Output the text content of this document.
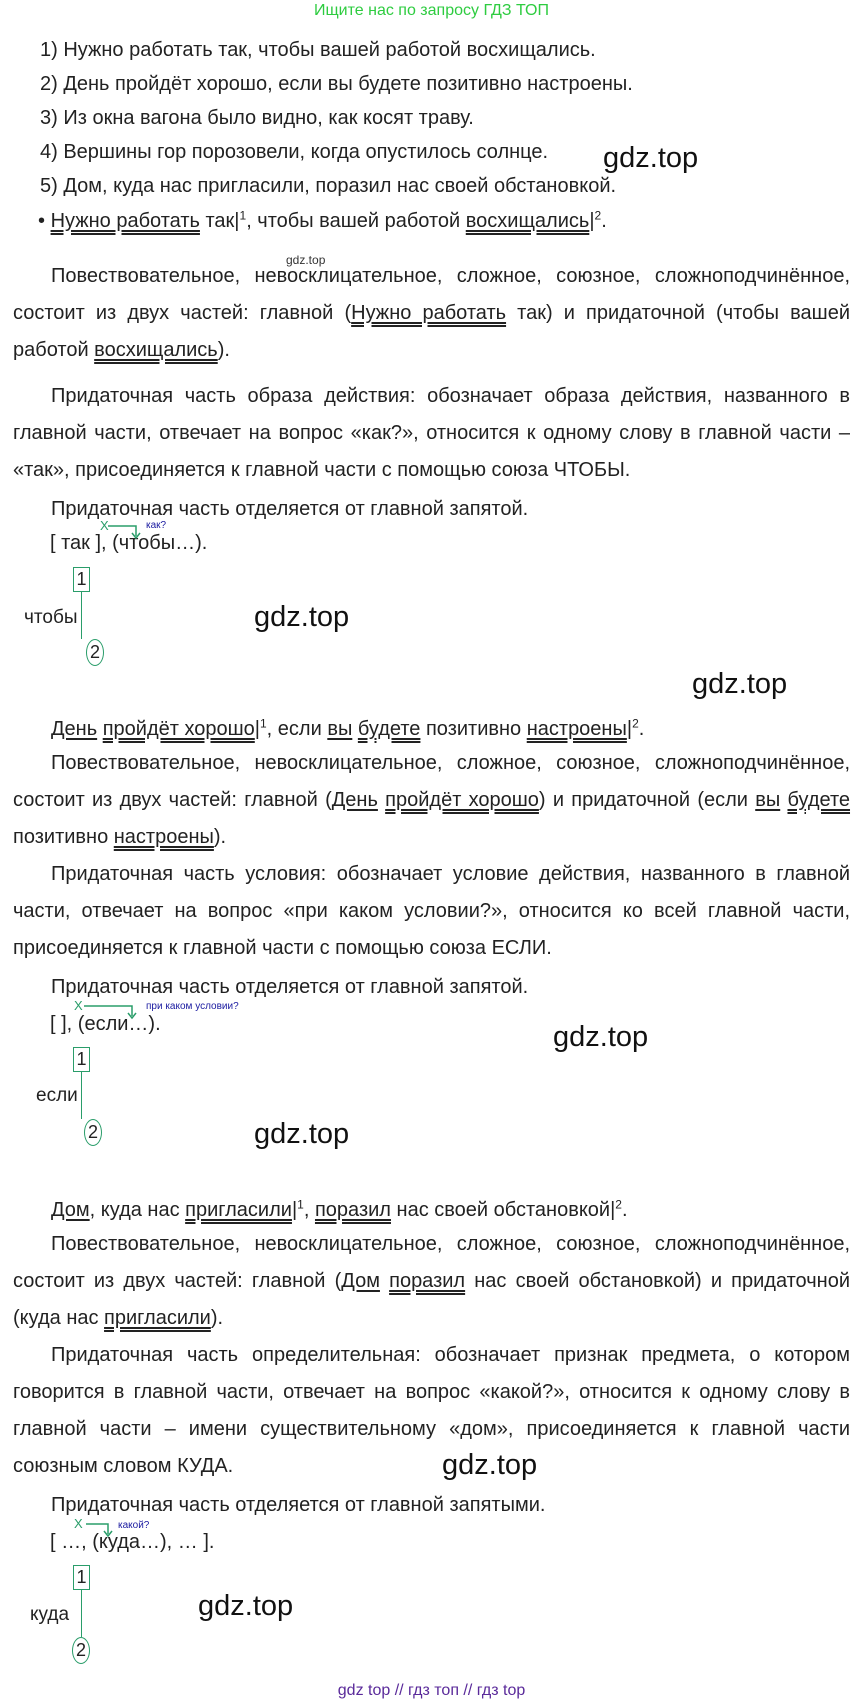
Ищите нас по запросу ГДЗ ТОП
1) Нужно работать так, чтобы вашей работой восхищались.
2) День пройдёт хорошо, если вы будете позитивно настроены.
3) Из окна вагона было видно, как косят траву.
4) Вершины гор порозовели, когда опустилось солнце.
5) Дом, куда нас пригласили, поразил нас своей обстановкой.
gdz.top
• Нужно работать $так|^1$, чтобы вашей работой $восхищались|^2$.
gdz.top
Повествовательное, невосклицательное, сложное, союзное, сложноподчинённое, состоит из двух частей: главной (Нужно работать так) и придаточной (чтобы вашей работой восхищались).
Придаточная часть образа действия: обозначает образа действия, названного в главной части, отвечает на вопрос «как?», относится к одному слову в главной части – «так», присоединяется к главной части с помощью союза ЧТОБЫ.
Придаточная часть отделяется от главной запятой.
[ так ], (чтобы…).
X	как?
1
чтобы
2
gdz.top
gdz.top
День пройдёт $хорошо|^1$, если вы будете позитивно $настроены|^2$.
Повествовательное, невосклицательное, сложное, союзное, сложноподчинённое, состоит из двух частей: главной (День пройдёт хорошо) и придаточной (если вы будете позитивно настроены).
Придаточная часть условия: обозначает условие действия, названного в главной части, отвечает на вопрос «при каком условии?», относится ко всей главной части, присоединяется к главной части с помощью союза ЕСЛИ.
Придаточная часть отделяется от главной запятой.
[ ], (если…).
X	при каком условии?
1
если
2
gdz.top
gdz.top
Дом, куда нас $пригласили|^1$, поразил нас своей $обстановкой|^2$.
Повествовательное, невосклицательное, сложное, союзное, сложноподчинённое, состоит из двух частей: главной (Дом поразил нас своей обстановкой) и придаточной (куда нас пригласили).
Придаточная часть определительная: обозначает признак предмета, о котором говорится в главной части, отвечает на вопрос «какой?», относится к одному слову в главной части – имени существительному «дом», присоединяется к главной части союзным словом КУДА.	gdz.top
Придаточная часть отделяется от главной запятыми.
[ …, (куда…), … ].
X	какой?
1
куда
2
gdz.top
gdz top // гдз топ // гдз top
